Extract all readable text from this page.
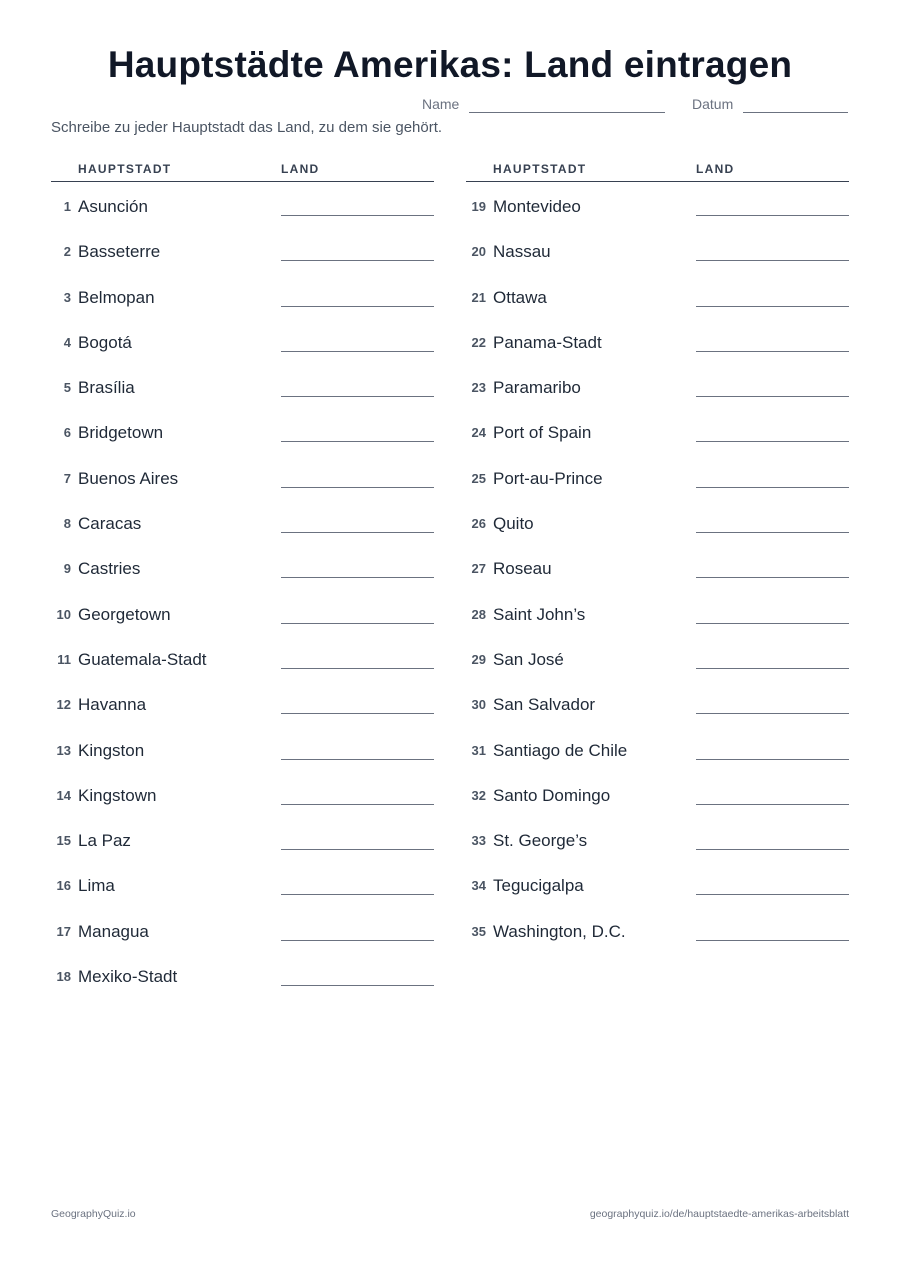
Hauptstädte Amerikas: Land eintragen
Name	Datum
Schreibe zu jeder Hauptstadt das Land, zu dem sie gehört.
HAUPTSTADT	LAND
1 Asunción
2 Basseterre
3 Belmopan
4 Bogotá
5 Brasília
6 Bridgetown
7 Buenos Aires
8 Caracas
9 Castries
10 Georgetown
11 Guatemala-Stadt
12 Havanna
13 Kingston
14 Kingstown
15 La Paz
16 Lima
17 Managua
18 Mexiko-Stadt
HAUPTSTADT	LAND
19 Montevideo
20 Nassau
21 Ottawa
22 Panama-Stadt
23 Paramaribo
24 Port of Spain
25 Port-au-Prince
26 Quito
27 Roseau
28 Saint John’s
29 San José
30 San Salvador
31 Santiago de Chile
32 Santo Domingo
33 St. George’s
34 Tegucigalpa
35 Washington, D.C.
GeographyQuiz.io	geographyquiz.io/de/hauptstaedte-amerikas-arbeitsblatt
